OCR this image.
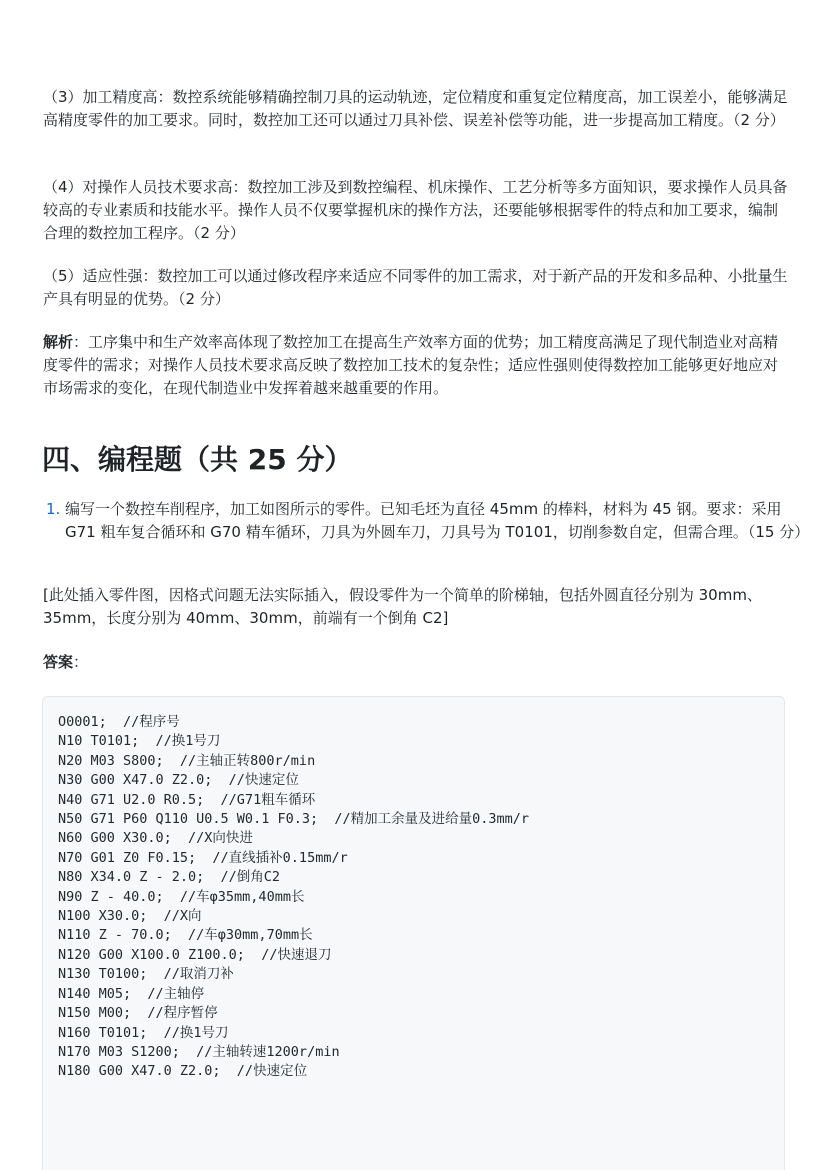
（3）加工精度高：数控系统能够精确控制刀具的运动轨迹，定位精度和重复定位精度高，加工误差小，能够满足高精度零件的加工要求。同时，数控加工还可以通过刀具补偿、误差补偿等功能，进一步提高加工精度。（2 分）

（4）对操作人员技术要求高：数控加工涉及到数控编程、机床操作、工艺分析等多方面知识，要求操作人员具备较高的专业素质和技能水平。操作人员不仅要掌握机床的操作方法，还要能够根据零件的特点和加工要求，编制合理的数控加工程序。（2 分）

（5）适应性强：数控加工可以通过修改程序来适应不同零件的加工需求，对于新产品的开发和多品种、小批量生产具有明显的优势。（2 分）

解析：工序集中和生产效率高体现了数控加工在提高生产效率方面的优势；加工精度高满足了现代制造业对高精度零件的需求；对操作人员技术要求高反映了数控加工技术的复杂性；适应性强则使得数控加工能够更好地应对市场需求的变化，在现代制造业中发挥着越来越重要的作用。

四、编程题（共 25 分）
1. 编写一个数控车削程序，加工如图所示的零件。已知毛坯为直径 45mm 的棒料，材料为 45 钢。要求：采用 G71 粗车复合循环和 G70 精车循环，刀具为外圆车刀，刀具号为 T0101，切削参数自定，但需合理。（15 分）

[此处插入零件图，因格式问题无法实际插入，假设零件为一个简单的阶梯轴，包括外圆直径分别为 30mm、35mm，长度分别为 40mm、30mm，前端有一个倒角 C2]

答案：
O0001;  //程序号
N10 T0101;  //换1号刀
N20 M03 S800;  //主轴正转800r/min
N30 G00 X47.0 Z2.0;  //快速定位
N40 G71 U2.0 R0.5;  //G71粗车循环
N50 G71 P60 Q110 U0.5 W0.1 F0.3;  //精加工余量及进给量0.3mm/r
N60 G00 X30.0;  //X向快进
N70 G01 Z0 F0.15;  //直线插补0.15mm/r
N80 X34.0 Z - 2.0;  //倒角C2
N90 Z - 40.0;  //车φ35mm,40mm长
N100 X30.0;  //X向
N110 Z - 70.0;  //车φ30mm,70mm长
N120 G00 X100.0 Z100.0;  //快速退刀
N130 T0100;  //取消刀补
N140 M05;  //主轴停
N150 M00;  //程序暂停
N160 T0101;  //换1号刀
N170 M03 S1200;  //主轴转速1200r/min
N180 G00 X47.0 Z2.0;  //快速定位
